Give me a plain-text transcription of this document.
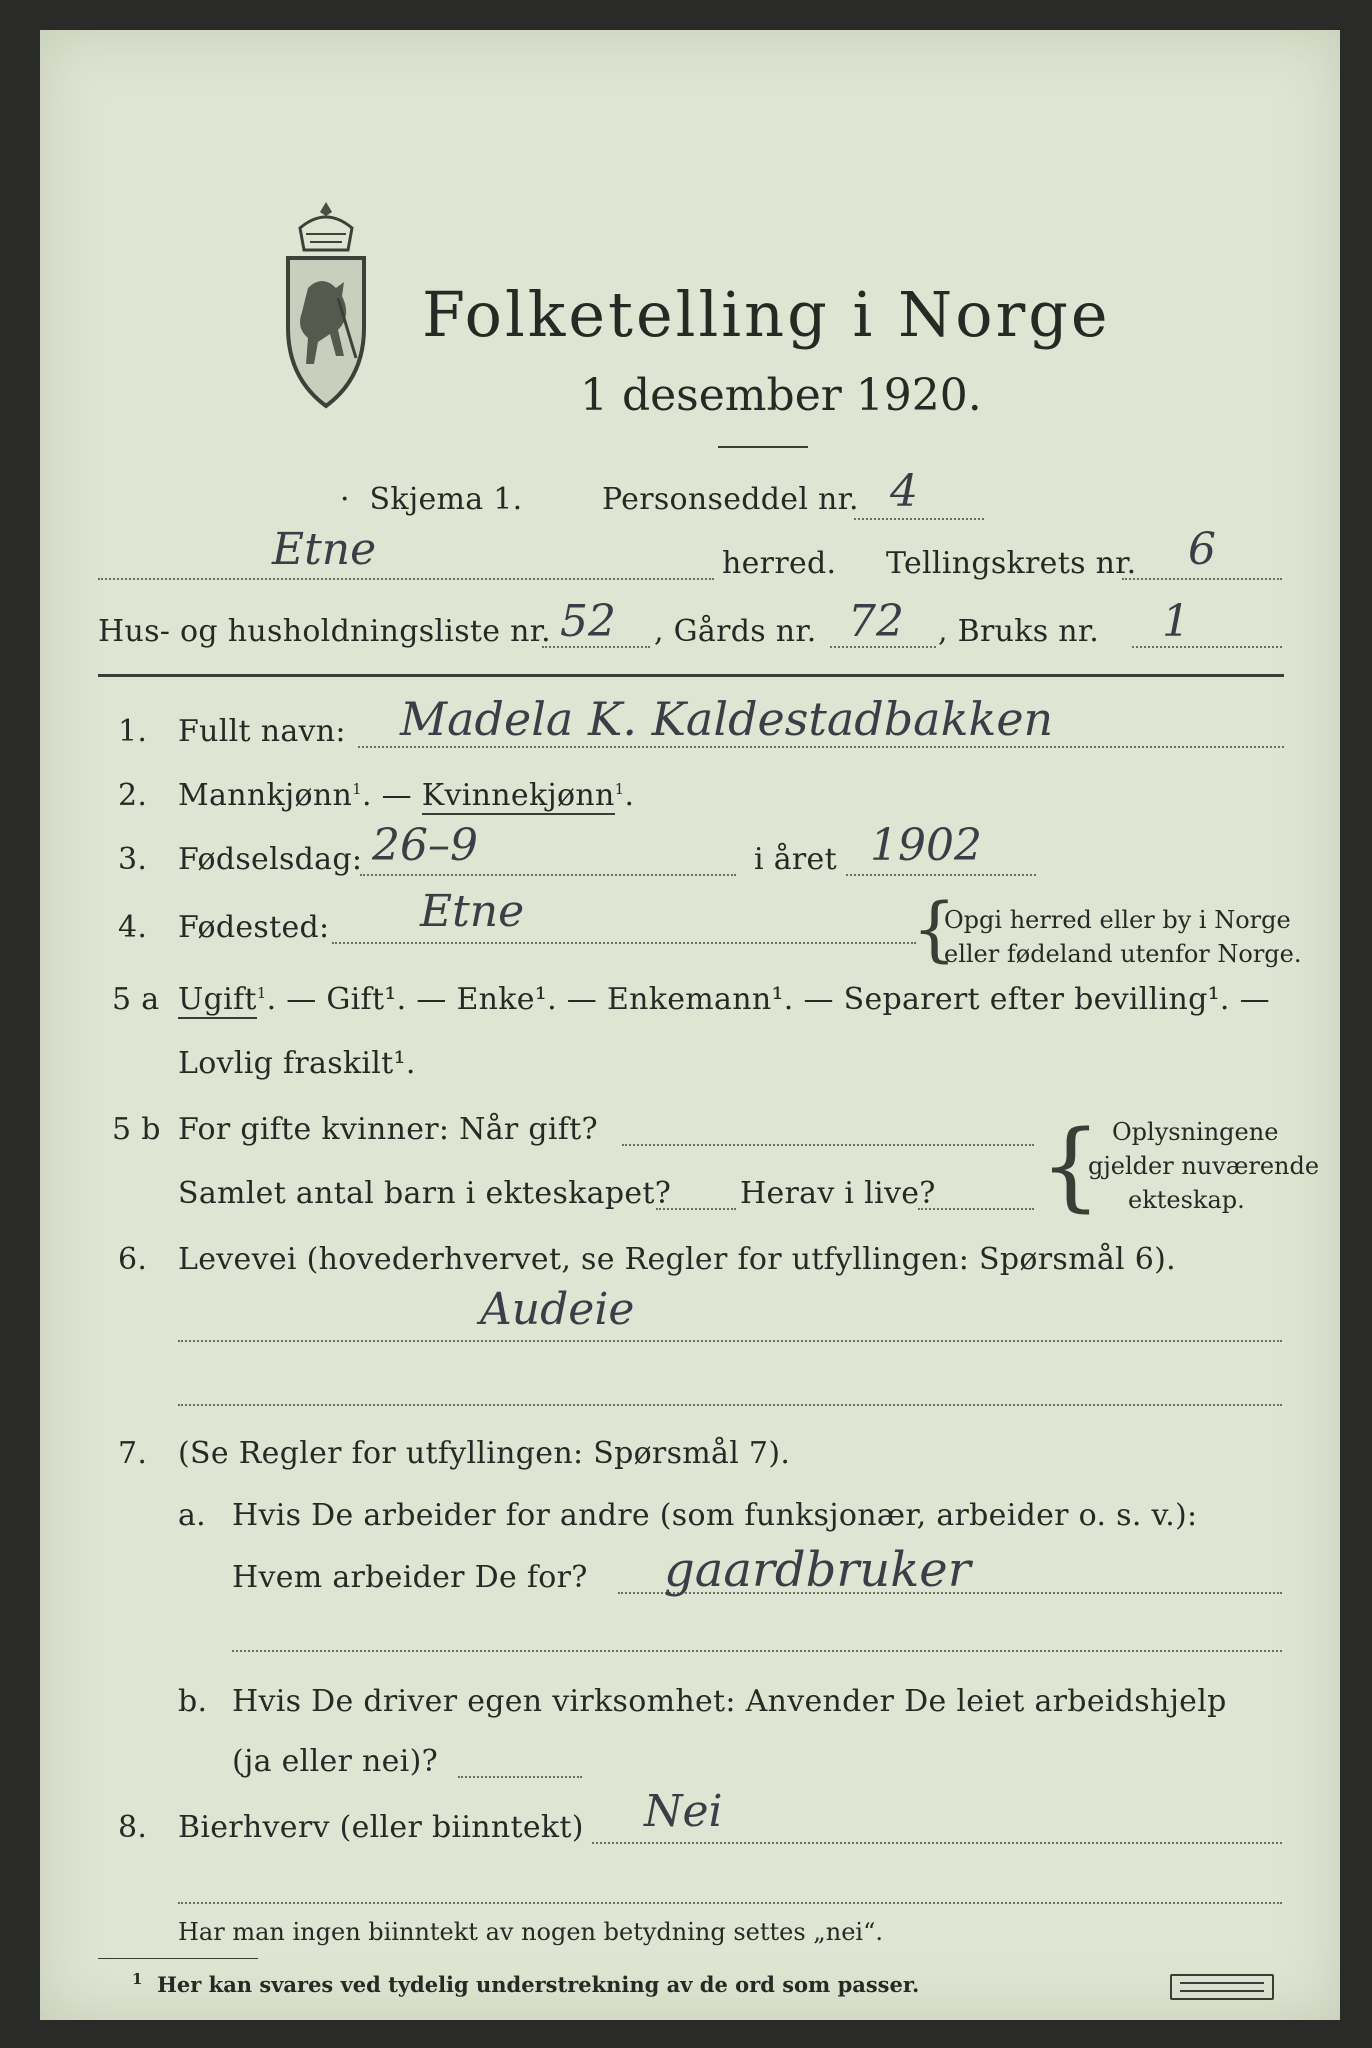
Folketelling i Norge
1 desember 1920.
·  Skjema 1.	Personseddel nr. 4
Etne	herred. Tellingskrets nr. 6
Hus- og husholdningsliste nr. 52 , Gårds nr. 72 , Bruks nr. 1
1. Fullt navn: Madela K. Kaldestadbakken
2. Mannkjønn$^1$. — Kvinnekjønn$^1$.
3. Fødselsdag: 26–9	i året 1902
4. Fødested: Etne	{
Opgi herred eller by i Norge
eller fødeland utenfor Norge.
5 a Ugift$^1$. — Gift¹. — Enke¹. — Enkemann¹. — Separert efter bevilling¹. —
Lovlig fraskilt¹.
5 b For gifte kvinner: Når gift?
Samlet antal barn i ekteskapet? Herav i live? { Oplysningene
gjelder nuværende
ekteskap.
6. Levevei (hovederhvervet, se Regler for utfyllingen: Spørsmål 6).
Audeie
7. (Se Regler for utfyllingen: Spørsmål 7).
a. Hvis De arbeider for andre (som funksjonær, arbeider o. s. v.):
Hvem arbeider De for? gaardbruker
b. Hvis De driver egen virksomhet: Anvender De leiet arbeidshjelp
(ja eller nei)?
8. Bierhverv (eller biinntekt) Nei
Har man ingen biinntekt av nogen betydning settes „nei“.
$^1$ Her kan svares ved tydelig understrekning av de ord som passer.
